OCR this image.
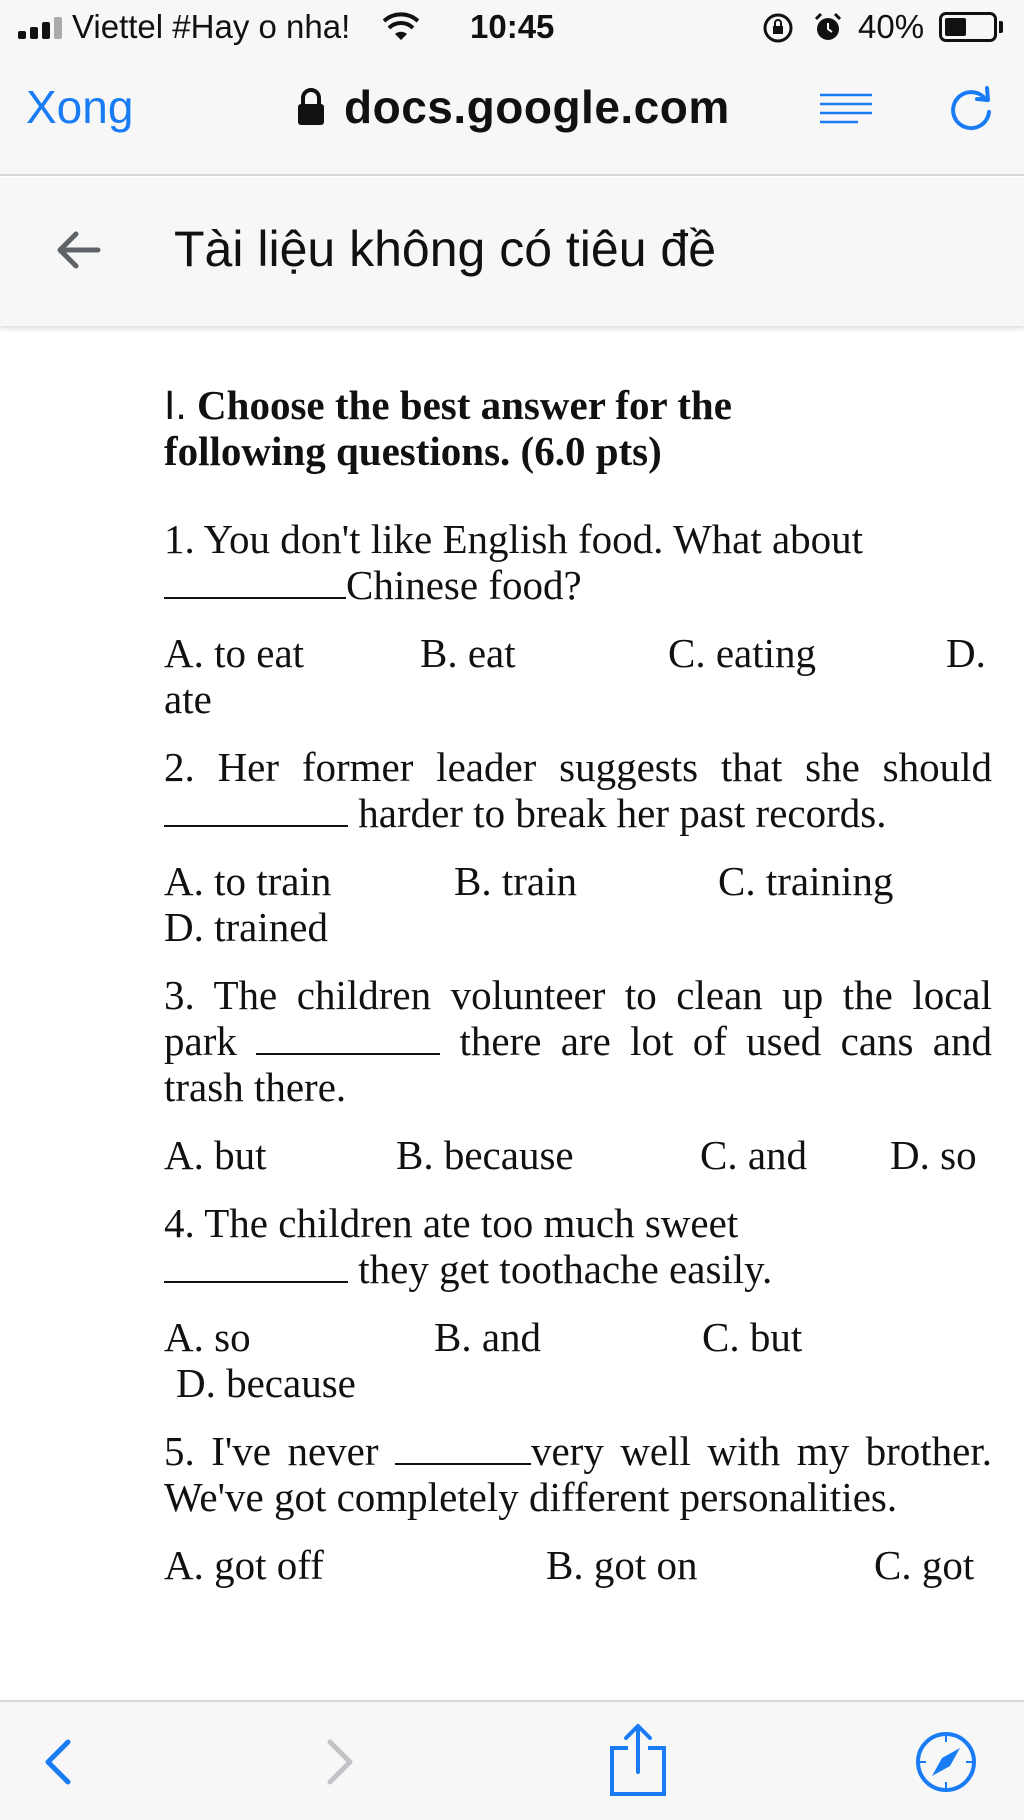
Viettel #Hay o nha!	10:45	40%
Xong	docs.google.com
Tài liệu không có tiêu đề
I. Choose the best answer for the
following questions. (6.0 pts)

1. You don't like English food. What about
Chinese food?

A. to eat	B. eat	C. eating	D.
ate

2. Her former leader suggests that she should  harder to break her past records.

A. to train	B. train	C. training
D. trained

3. The children volunteer to clean up the local park	there are lot of used cans and trash there.

A. but	B. because	C. and D. so

4. The children ate too much sweet
they get toothache easily.

A. so	B. and	C. but
D. because

5. I've never	very well with my brother. We've got completely different personalities.

A. got off	B. got on	C. got
